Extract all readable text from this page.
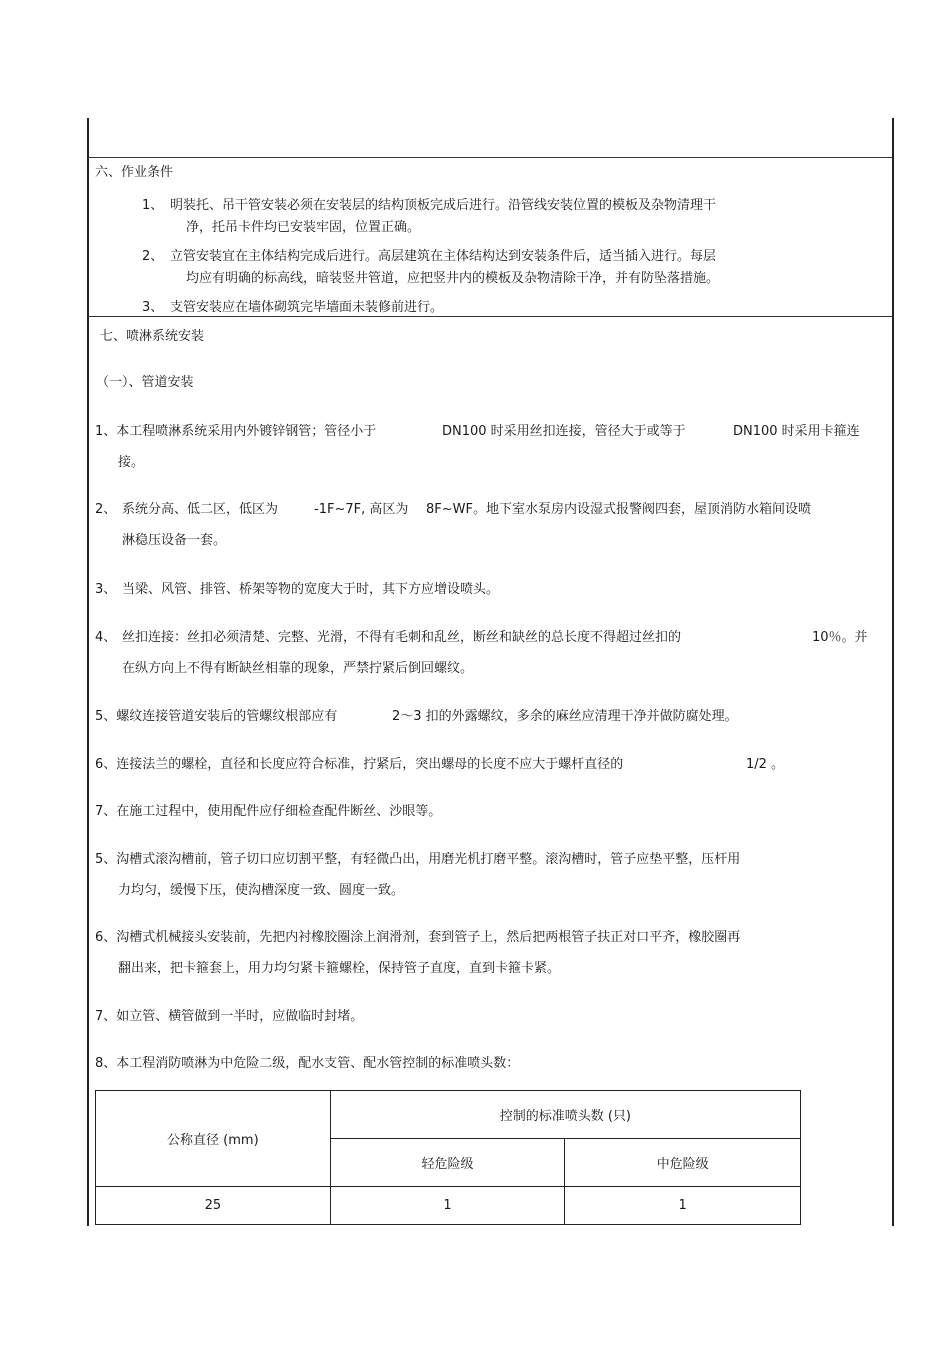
六、作业条件
1、 明装托、吊干管安装必须在安装层的结构顶板完成后进行。沿管线安装位置的模板及杂物清理干
净，托吊卡件均已安装牢固，位置正确。
2、 立管安装宜在主体结构完成后进行。高层建筑在主体结构达到安装条件后，适当插入进行。每层
均应有明确的标高线，暗装竖井管道，应把竖井内的模板及杂物清除干净，并有防坠落措施。
3、 支管安装应在墙体砌筑完毕墙面未装修前进行。
七、喷淋系统安装
（一）、管道安装
1、本工程喷淋系统采用内外镀锌钢管；管径小于	DN100 时采用丝扣连接，管径大于或等于	DN100 时采用卡箍连
接。
2、 系统分高、低二区，低区为	-1F~7F, 高区为 8F~WF。地下室水泵房内设湿式报警阀四套，屋顶消防水箱间设喷
淋稳压设备一套。
3、 当梁、风管、排管、桥架等物的宽度大于时，其下方应增设喷头。
4、 丝扣连接：丝扣必须清楚、完整、光滑，不得有毛刺和乱丝，断丝和缺丝的总长度不得超过丝扣的	10％。并
在纵方向上不得有断缺丝相靠的现象，严禁拧紧后倒回螺纹。
5、螺纹连接管道安装后的管螺纹根部应有	2～3 扣的外露螺纹，多余的麻丝应清理干净并做防腐处理。
6、连接法兰的螺栓，直径和长度应符合标准，拧紧后，突出螺母的长度不应大于螺杆直径的	1/2 。
7、在施工过程中，使用配件应仔细检查配件断丝、沙眼等。
5、沟槽式滚沟槽前，管子切口应切割平整，有轻微凸出，用磨光机打磨平整。滚沟槽时，管子应垫平整，压杆用
力均匀，缓慢下压，使沟槽深度一致、圆度一致。
6、沟槽式机械接头安装前，先把内衬橡胶圈涂上润滑剂，套到管子上，然后把两根管子扶正对口平齐，橡胶圈再
翻出来，把卡箍套上，用力均匀紧卡箍螺栓，保持管子直度，直到卡箍卡紧。
7、如立管、横管做到一半时，应做临时封堵。
8、本工程消防喷淋为中危险二级，配水支管、配水管控制的标准喷头数：
公称直径 (mm)	控制的标准喷头数 (只)	
	轻危险级	中危险级
25	1	1
